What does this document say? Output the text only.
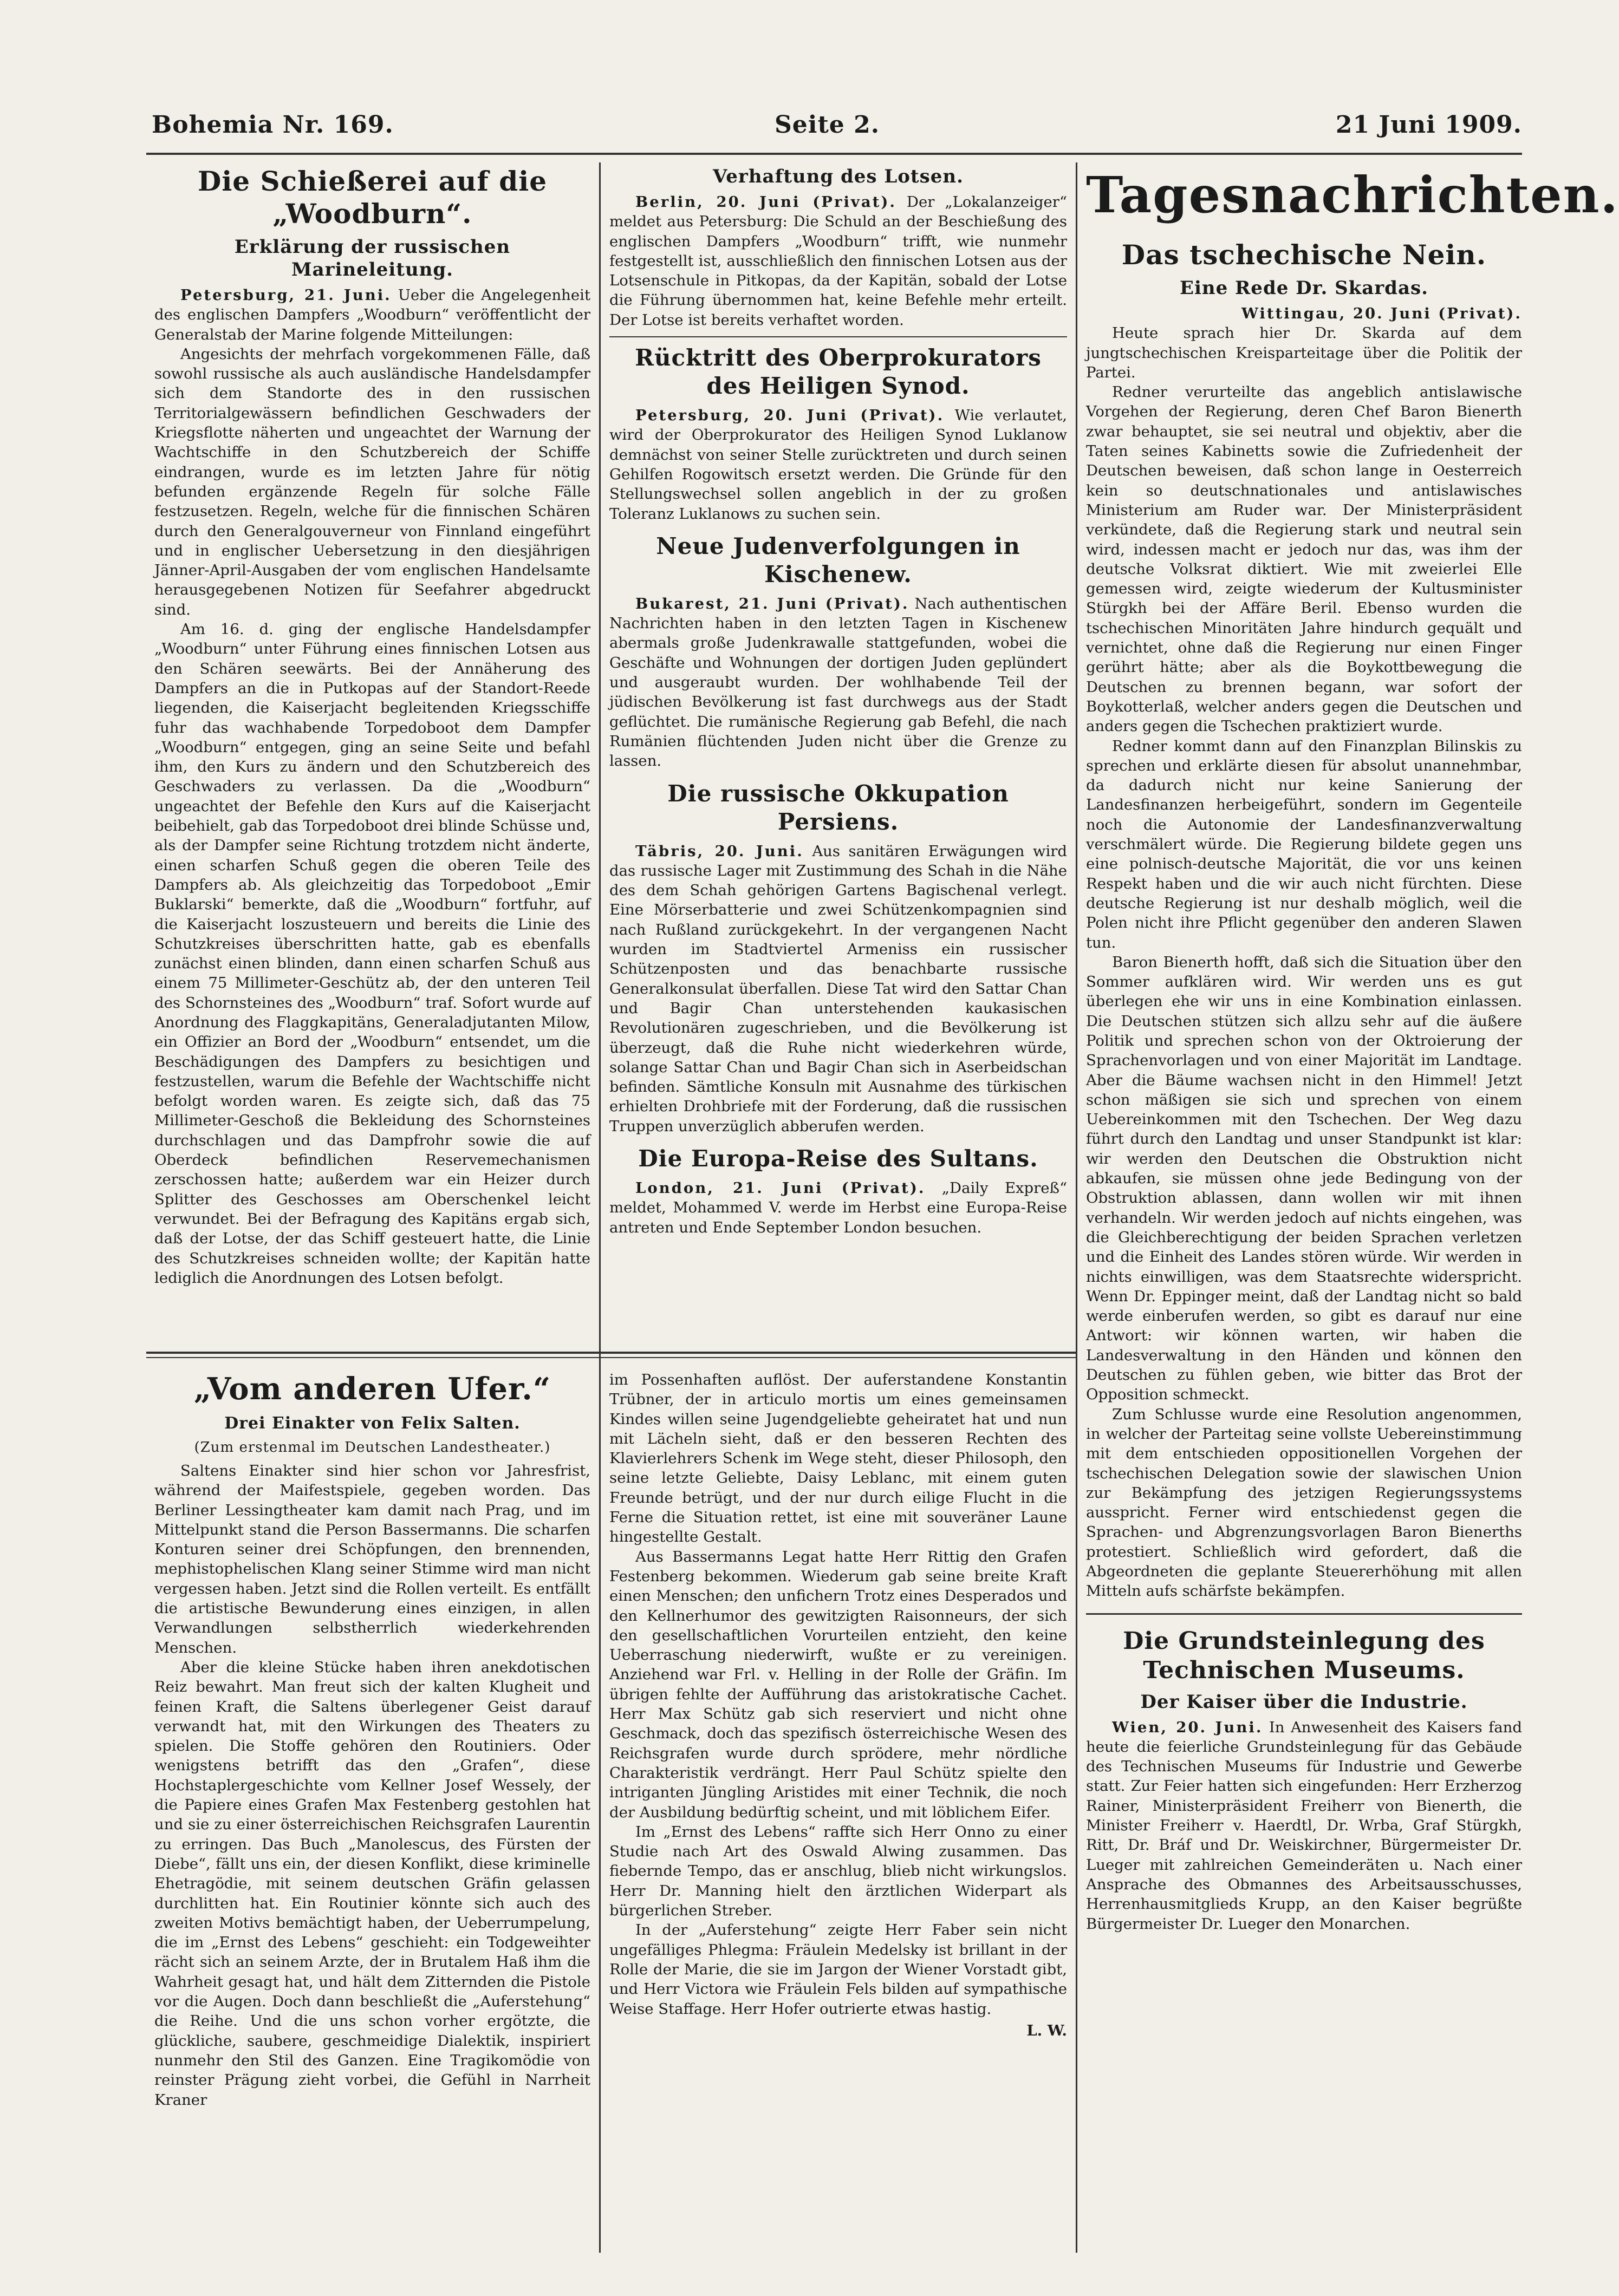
Bohemia Nr. 169.	Seite 2.	21 Juni 1909.
Die Schießerei auf die „Woodburn“.
Erklärung der russischen Marineleitung.

Petersburg, 21. Juni. Ueber die Angelegenheit des englischen Dampfers „Woodburn“ veröffentlicht der Generalstab der Marine folgende Mitteilungen:

Angesichts der mehrfach vorgekommenen Fälle, daß sowohl russische als auch ausländische Handelsdampfer sich dem Standorte des in den russischen Territorialgewässern befindlichen Geschwaders der Kriegsflotte näherten und ungeachtet der Warnung der Wachtschiffe in den Schutzbereich der Schiffe eindrangen, wurde es im letzten Jahre für nötig befunden ergänzende Regeln für solche Fälle festzusetzen. Regeln, welche für die finnischen Schären durch den Generalgouverneur von Finnland eingeführt und in englischer Uebersetzung in den diesjährigen Jänner-April-Ausgaben der vom englischen Handelsamte herausgegebenen Notizen für Seefahrer abgedruckt sind.

Am 16. d. ging der englische Handelsdampfer „Woodburn“ unter Führung eines finnischen Lotsen aus den Schären seewärts. Bei der Annäherung des Dampfers an die in Putkopas auf der Standort-Reede liegenden, die Kaiserjacht begleitenden Kriegsschiffe fuhr das wachhabende Torpedoboot dem Dampfer „Woodburn“ entgegen, ging an seine Seite und befahl ihm, den Kurs zu ändern und den Schutzbereich des Geschwaders zu verlassen. Da die „Woodburn“ ungeachtet der Befehle den Kurs auf die Kaiserjacht beibehielt, gab das Torpedoboot drei blinde Schüsse und, als der Dampfer seine Richtung trotzdem nicht änderte, einen scharfen Schuß gegen die oberen Teile des Dampfers ab. Als gleichzeitig das Torpedoboot „Emir Buklarski“ bemerkte, daß die „Woodburn“ fortfuhr, auf die Kaiserjacht loszusteuern und bereits die Linie des Schutzkreises überschritten hatte, gab es ebenfalls zunächst einen blinden, dann einen scharfen Schuß aus einem 75 Millimeter-Geschütz ab, der den unteren Teil des Schornsteines des „Woodburn“ traf. Sofort wurde auf Anordnung des Flaggkapitäns, Generaladjutanten Milow, ein Offizier an Bord der „Woodburn“ entsendet, um die Beschädigungen des Dampfers zu besichtigen und festzustellen, warum die Befehle der Wachtschiffe nicht befolgt worden waren. Es zeigte sich, daß das 75 Millimeter-Geschoß die Bekleidung des Schornsteines durchschlagen und das Dampfrohr sowie die auf Oberdeck befindlichen Reservemechanismen zerschossen hatte; außerdem war ein Heizer durch Splitter des Geschosses am Oberschenkel leicht verwundet. Bei der Befragung des Kapitäns ergab sich, daß der Lotse, der das Schiff gesteuert hatte, die Linie des Schutzkreises schneiden wollte; der Kapitän hatte lediglich die Anordnungen des Lotsen befolgt.

Verhaftung des Lotsen.

Berlin, 20. Juni (Privat). Der „Lokalanzeiger“ meldet aus Petersburg: Die Schuld an der Beschießung des englischen Dampfers „Woodburn“ trifft, wie nunmehr festgestellt ist, ausschließlich den finnischen Lotsen aus der Lotsenschule in Pitkopas, da der Kapitän, sobald der Lotse die Führung übernommen hat, keine Befehle mehr erteilt. Der Lotse ist bereits verhaftet worden.

Rücktritt des Oberprokurators des Heiligen Synod.

Petersburg, 20. Juni (Privat). Wie verlautet, wird der Oberprokurator des Heiligen Synod Luklanow demnächst von seiner Stelle zurücktreten und durch seinen Gehilfen Rogowitsch ersetzt werden. Die Gründe für den Stellungswechsel sollen angeblich in der zu großen Toleranz Luklanows zu suchen sein.

Neue Judenverfolgungen in Kischenew.

Bukarest, 21. Juni (Privat). Nach authentischen Nachrichten haben in den letzten Tagen in Kischenew abermals große Judenkrawalle stattgefunden, wobei die Geschäfte und Wohnungen der dortigen Juden geplündert und ausgeraubt wurden. Der wohlhabende Teil der jüdischen Bevölkerung ist fast durchwegs aus der Stadt geflüchtet. Die rumänische Regierung gab Befehl, die nach Rumänien flüchtenden Juden nicht über die Grenze zu lassen.

Die russische Okkupation Persiens.

Täbris, 20. Juni. Aus sanitären Erwägungen wird das russische Lager mit Zustimmung des Schah in die Nähe des dem Schah gehörigen Gartens Bagischenal verlegt. Eine Mörserbatterie und zwei Schützenkompagnien sind nach Rußland zurückgekehrt. In der vergangenen Nacht wurden im Stadtviertel Armeniss ein russischer Schützenposten und das benachbarte russische Generalkonsulat überfallen. Diese Tat wird den Sattar Chan und Bagir Chan unterstehenden kaukasischen Revolutionären zugeschrieben, und die Bevölkerung ist überzeugt, daß die Ruhe nicht wiederkehren würde, solange Sattar Chan und Bagir Chan sich in Aserbeidschan befinden. Sämtliche Konsuln mit Ausnahme des türkischen erhielten Drohbriefe mit der Forderung, daß die russischen Truppen unverzüglich abberufen werden.

Die Europa-Reise des Sultans.

London, 21. Juni (Privat). „Daily Expreß“ meldet, Mohammed V. werde im Herbst eine Europa-Reise antreten und Ende September London besuchen.

Tagesnachrichten.
Das tschechische Nein.
Eine Rede Dr. Skardas.

Wittingau, 20. Juni (Privat).

Heute sprach hier Dr. Skarda auf dem jungtschechischen Kreisparteitage über die Politik der Partei.

Redner verurteilte das angeblich antislawische Vorgehen der Regierung, deren Chef Baron Bienerth zwar behauptet, sie sei neutral und objektiv, aber die Taten seines Kabinetts sowie die Zufriedenheit der Deutschen beweisen, daß schon lange in Oesterreich kein so deutschnationales und antislawisches Ministerium am Ruder war. Der Ministerpräsident verkündete, daß die Regierung stark und neutral sein wird, indessen macht er jedoch nur das, was ihm der deutsche Volksrat diktiert. Wie mit zweierlei Elle gemessen wird, zeigte wiederum der Kultusminister Stürgkh bei der Affäre Beril. Ebenso wurden die tschechischen Minoritäten Jahre hindurch gequält und vernichtet, ohne daß die Regierung nur einen Finger gerührt hätte; aber als die Boykottbewegung die Deutschen zu brennen begann, war sofort der Boykotterlaß, welcher anders gegen die Deutschen und anders gegen die Tschechen praktiziert wurde.

Redner kommt dann auf den Finanzplan Bilinskis zu sprechen und erklärte diesen für absolut unannehmbar, da dadurch nicht nur keine Sanierung der Landesfinanzen herbeigeführt, sondern im Gegenteile noch die Autonomie der Landesfinanzverwaltung verschmälert würde. Die Regierung bildete gegen uns eine polnisch-deutsche Majorität, die vor uns keinen Respekt haben und die wir auch nicht fürchten. Diese deutsche Regierung ist nur deshalb möglich, weil die Polen nicht ihre Pflicht gegenüber den anderen Slawen tun.

Baron Bienerth hofft, daß sich die Situation über den Sommer aufklären wird. Wir werden uns es gut überlegen ehe wir uns in eine Kombination einlassen. Die Deutschen stützen sich allzu sehr auf die äußere Politik und sprechen schon von der Oktroierung der Sprachenvorlagen und von einer Majorität im Landtage. Aber die Bäume wachsen nicht in den Himmel! Jetzt schon mäßigen sie sich und sprechen von einem Uebereinkommen mit den Tschechen. Der Weg dazu führt durch den Landtag und unser Standpunkt ist klar: wir werden den Deutschen die Obstruktion nicht abkaufen, sie müssen ohne jede Bedingung von der Obstruktion ablassen, dann wollen wir mit ihnen verhandeln. Wir werden jedoch auf nichts eingehen, was die Gleichberechtigung der beiden Sprachen verletzen und die Einheit des Landes stören würde. Wir werden in nichts einwilligen, was dem Staatsrechte widerspricht. Wenn Dr. Eppinger meint, daß der Landtag nicht so bald werde einberufen werden, so gibt es darauf nur eine Antwort: wir können warten, wir haben die Landesverwaltung in den Händen und können den Deutschen zu fühlen geben, wie bitter das Brot der Opposition schmeckt.

Zum Schlusse wurde eine Resolution angenommen, in welcher der Parteitag seine vollste Uebereinstimmung mit dem entschieden oppositionellen Vorgehen der tschechischen Delegation sowie der slawischen Union zur Bekämpfung des jetzigen Regierungssystems ausspricht. Ferner wird entschiedenst gegen die Sprachen- und Abgrenzungsvorlagen Baron Bienerths protestiert. Schließlich wird gefordert, daß die Abgeordneten die geplante Steuererhöhung mit allen Mitteln aufs schärfste bekämpfen.

Die Grundsteinlegung des Technischen Museums.
Der Kaiser über die Industrie.

Wien, 20. Juni. In Anwesenheit des Kaisers fand heute die feierliche Grundsteinlegung für das Gebäude des Technischen Museums für Industrie und Gewerbe statt. Zur Feier hatten sich eingefunden: Herr Erzherzog Rainer, Ministerpräsident Freiherr von Bienerth, die Minister Freiherr v. Haerdtl, Dr. Wrba, Graf Stürgkh, Ritt, Dr. Bráf und Dr. Weiskirchner, Bürgermeister Dr. Lueger mit zahlreichen Gemeinderäten u. Nach einer Ansprache des Obmannes des Arbeitsausschusses, Herrenhausmitglieds Krupp, an den Kaiser begrüßte Bürgermeister Dr. Lueger den Monarchen.

„Vom anderen Ufer.“
Drei Einakter von Felix Salten.
(Zum erstenmal im Deutschen Landestheater.)

Saltens Einakter sind hier schon vor Jahresfrist, während der Maifestspiele, gegeben worden. Das Berliner Lessingtheater kam damit nach Prag, und im Mittelpunkt stand die Person Bassermanns. Die scharfen Konturen seiner drei Schöpfungen, den brennenden, mephistophelischen Klang seiner Stimme wird man nicht vergessen haben. Jetzt sind die Rollen verteilt. Es entfällt die artistische Bewunderung eines einzigen, in allen Verwandlungen selbstherrlich wiederkehrenden Menschen.

Aber die kleine Stücke haben ihren anekdotischen Reiz bewahrt. Man freut sich der kalten Klugheit und feinen Kraft, die Saltens überlegener Geist darauf verwandt hat, mit den Wirkungen des Theaters zu spielen. Die Stoffe gehören den Routiniers. Oder wenigstens betrifft das den „Grafen“, diese Hochstaplergeschichte vom Kellner Josef Wessely, der die Papiere eines Grafen Max Festenberg gestohlen hat und sie zu einer österreichischen Reichsgrafen Laurentin zu erringen. Das Buch „Manolescus, des Fürsten der Diebe“, fällt uns ein, der diesen Konflikt, diese kriminelle Ehetragödie, mit seinem deutschen Gräfin gelassen durchlitten hat. Ein Routinier könnte sich auch des zweiten Motivs bemächtigt haben, der Ueberrumpelung, die im „Ernst des Lebens“ geschieht: ein Todgeweihter rächt sich an seinem Arzte, der in Brutalem Haß ihm die Wahrheit gesagt hat, und hält dem Zitternden die Pistole vor die Augen. Doch dann beschließt die „Auferstehung“ die Reihe. Und die uns schon vorher ergötzte, die glückliche, saubere, geschmeidige Dialektik, inspiriert nunmehr den Stil des Ganzen. Eine Tragikomödie von reinster Prägung zieht vorbei, die Gefühl in Narrheit Kraner

im Possenhaften auflöst. Der auferstandene Konstantin Trübner, der in articulo mortis um eines gemeinsamen Kindes willen seine Jugendgeliebte geheiratet hat und nun mit Lächeln sieht, daß er den besseren Rechten des Klavierlehrers Schenk im Wege steht, dieser Philosoph, den seine letzte Geliebte, Daisy Leblanc, mit einem guten Freunde betrügt, und der nur durch eilige Flucht in die Ferne die Situation rettet, ist eine mit souveräner Laune hingestellte Gestalt.

Aus Bassermanns Legat hatte Herr Rittig den Grafen Festenberg bekommen. Wiederum gab seine breite Kraft einen Menschen; den unfichern Trotz eines Desperados und den Kellnerhumor des gewitzigten Raisonneurs, der sich den gesellschaftlichen Vorurteilen entzieht, den keine Ueberraschung niederwirft, wußte er zu vereinigen. Anziehend war Frl. v. Helling in der Rolle der Gräfin. Im übrigen fehlte der Aufführung das aristokratische Cachet. Herr Max Schütz gab sich reserviert und nicht ohne Geschmack, doch das spezifisch österreichische Wesen des Reichsgrafen wurde durch sprödere, mehr nördliche Charakteristik verdrängt. Herr Paul Schütz spielte den intriganten Jüngling Aristides mit einer Technik, die noch der Ausbildung bedürftig scheint, und mit löblichem Eifer.

Im „Ernst des Lebens“ raffte sich Herr Onno zu einer Studie nach Art des Oswald Alwing zusammen. Das fiebernde Tempo, das er anschlug, blieb nicht wirkungslos. Herr Dr. Manning hielt den ärztlichen Widerpart als bürgerlichen Streber.

In der „Auferstehung“ zeigte Herr Faber sein nicht ungefälliges Phlegma: Fräulein Medelsky ist brillant in der Rolle der Marie, die sie im Jargon der Wiener Vorstadt gibt, und Herr Victora wie Fräulein Fels bilden auf sympathische Weise Staffage. Herr Hofer outrierte etwas hastig.

L. W.
